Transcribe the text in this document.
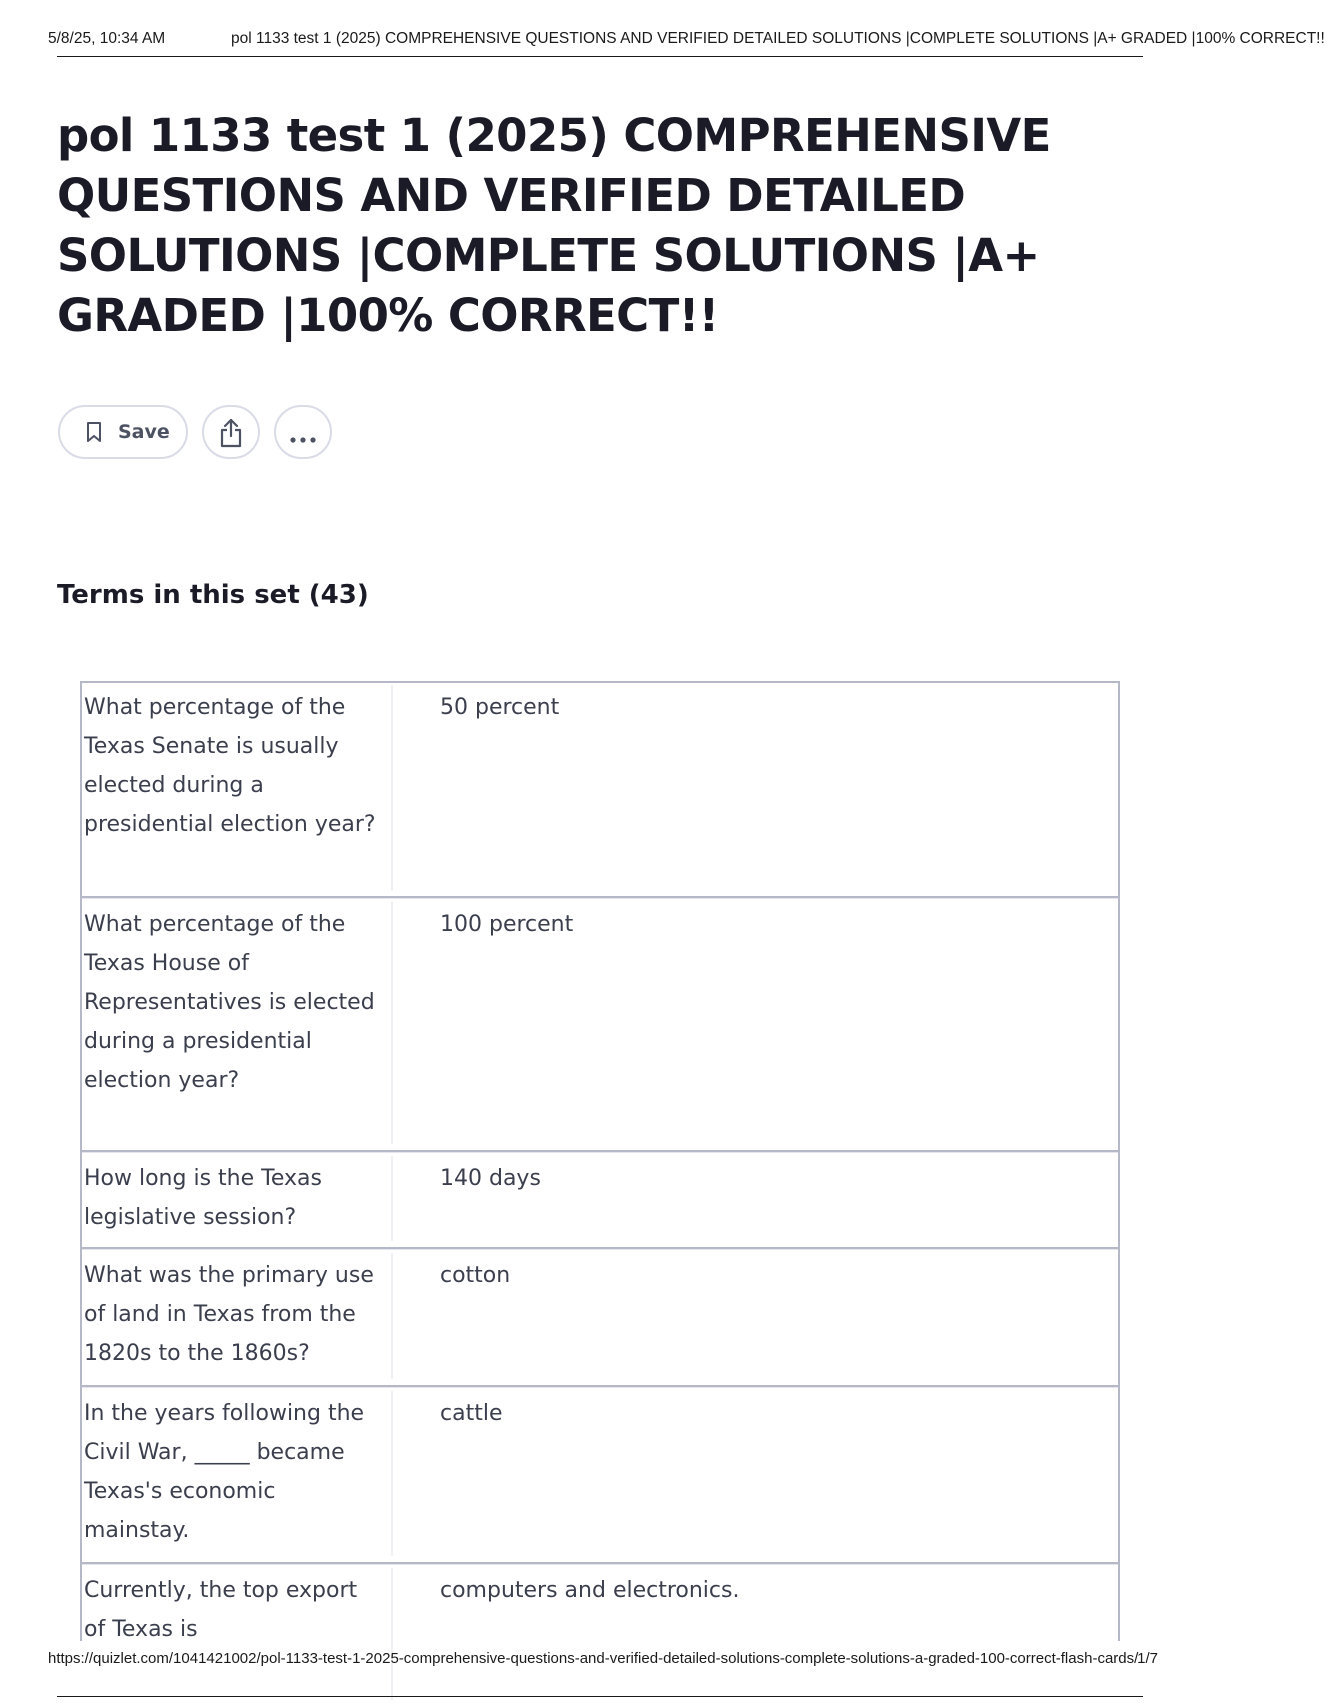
5/8/25, 10:34 AM	pol 1133 test 1 (2025) COMPREHENSIVE QUESTIONS AND VERIFIED DETAILED SOLUTIONS |COMPLETE SOLUTIONS |A+ GRADED |100% CORRECT!!
pol 1133 test 1 (2025) COMPREHENSIVE QUESTIONS AND VERIFIED DETAILED SOLUTIONS |COMPLETE SOLUTIONS |A+ GRADED |100% CORRECT!!
Save
Terms in this set (43)
What percentage of the Texas Senate is usually elected during a presidential election year?
50 percent
What percentage of the Texas House of Representatives is elected during a presidential election year?
100 percent
How long is the Texas legislative session?
140 days
What was the primary use of land in Texas from the 1820s to the 1860s?
cotton
In the years following the Civil War, _____ became Texas's economic mainstay.
cattle
Currently, the top export of Texas is
computers and electronics.
https://quizlet.com/1041421002/pol-1133-test-1-2025-comprehensive-questions-and-verified-detailed-solutions-complete-solutions-a-graded-100-correct-flash-cards/
1/7
